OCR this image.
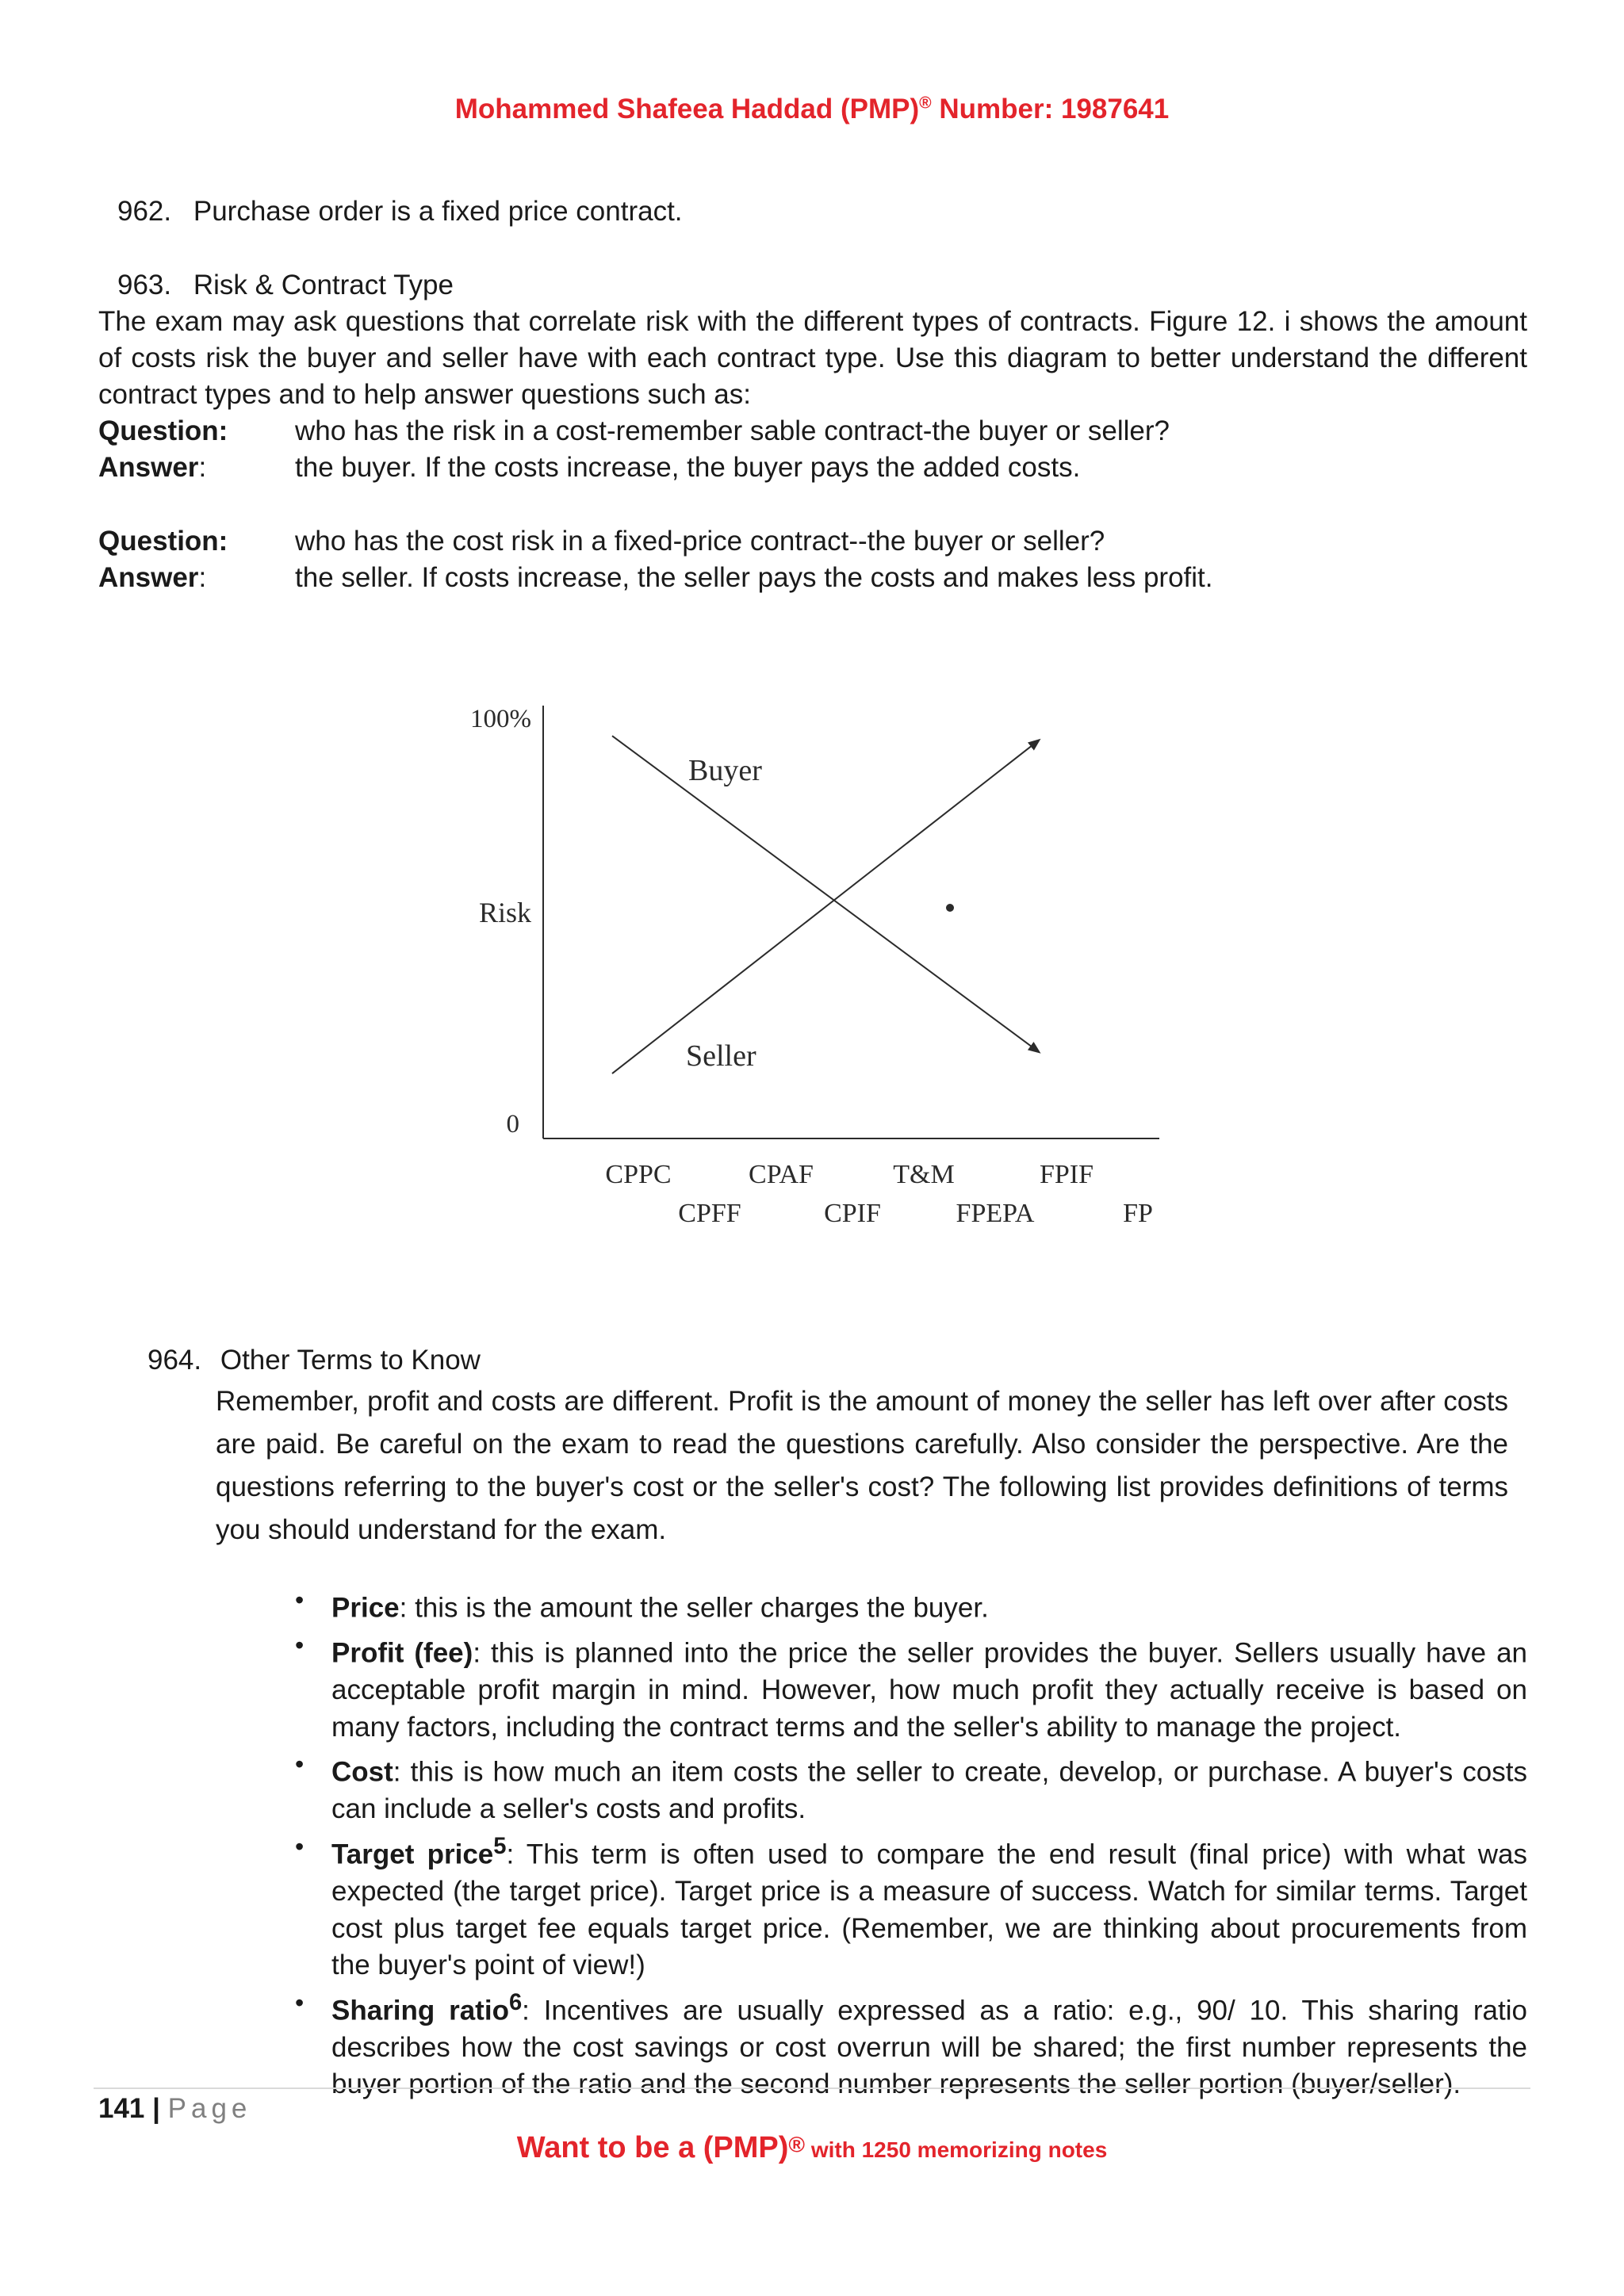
Mohammed Shafeea Haddad (PMP)® Number: 1987641
962. Purchase order is a fixed price contract.
963. Risk & Contract Type
The exam may ask questions that correlate risk with the different types of contracts. Figure 12. i shows the amount of costs risk the buyer and seller have with each contract type. Use this diagram to better understand the different contract types and to help answer questions such as:
Question: who has the risk in a cost-remember sable contract-the buyer or seller?
Answer:	the buyer. If the costs increase, the buyer pays the added costs.
Question: who has the cost risk in a fixed-price contract--the buyer or seller?
Answer:	the seller. If costs increase, the seller pays the costs and makes less profit.
100%
Risk
0
Buyer
Seller
CPPC
CPFF
CPAF
CPIF
T&M
FPEPA
FPIF
FP
964. Other Terms to Know
Remember, profit and costs are different. Profit is the amount of money the seller has left over after costs are paid. Be careful on the exam to read the questions carefully. Also consider the perspective. Are the questions referring to the buyer's cost or the seller's cost? The following list provides definitions of terms you should understand for the exam.
• Price: this is the amount the seller charges the buyer.
• Profit (fee): this is planned into the price the seller provides the buyer. Sellers usually have an acceptable profit margin in mind. However, how much profit they actually receive is based on many factors, including the contract terms and the seller's ability to manage the project.
• Cost: this is how much an item costs the seller to create, develop, or purchase. A buyer's costs can include a seller's costs and profits.
• Target price$^5$: This term is often used to compare the end result (final price) with what was expected (the target price). Target price is a measure of success. Watch for similar terms. Target cost plus target fee equals target price. (Remember, we are thinking about procurements from the buyer's point of view!)
• Sharing ratio$^6$: Incentives are usually expressed as a ratio: e.g., 90/ 10. This sharing ratio describes how the cost savings or cost overrun will be shared; the first number represents the buyer portion of the ratio and the second number represents the seller portion (buyer/seller).
141 | Page
Want to be a (PMP)® with 1250 memorizing notes
